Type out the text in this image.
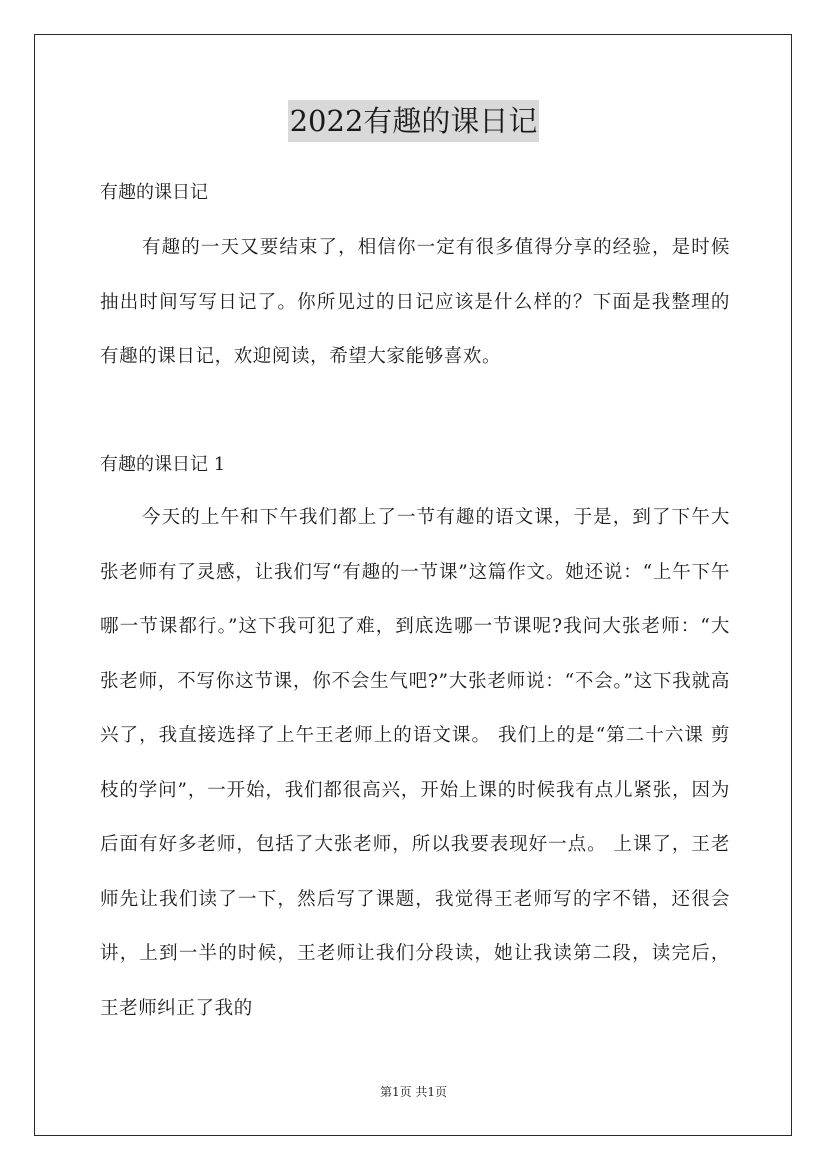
2022有趣的课日记
有趣的课日记
有趣的一天又要结束了，相信你一定有很多值得分享的经验，是时候抽出时间写写日记了。你所见过的日记应该是什么样的？下面是我整理的有趣的课日记，欢迎阅读，希望大家能够喜欢。
有趣的课日记 1
今天的上午和下午我们都上了一节有趣的语文课，于是，到了下午大张老师有了灵感，让我们写“有趣的一节课”这篇作文。她还说：“上午下午哪一节课都行。”这下我可犯了难，到底选哪一节课呢?我问大张老师：“大张老师，不写你这节课，你不会生气吧?”大张老师说：“不会。”这下我就高兴了，我直接选择了上午王老师上的语文课。 我们上的是“第二十六课 剪枝的学问”，一开始，我们都很高兴，开始上课的时候我有点儿紧张，因为后面有好多老师，包括了大张老师，所以我要表现好一点。 上课了，王老师先让我们读了一下，然后写了课题，我觉得王老师写的字不错，还很会讲，上到一半的时候，王老师让我们分段读，她让我读第二段，读完后，王老师纠正了我的
第1页 共1页
